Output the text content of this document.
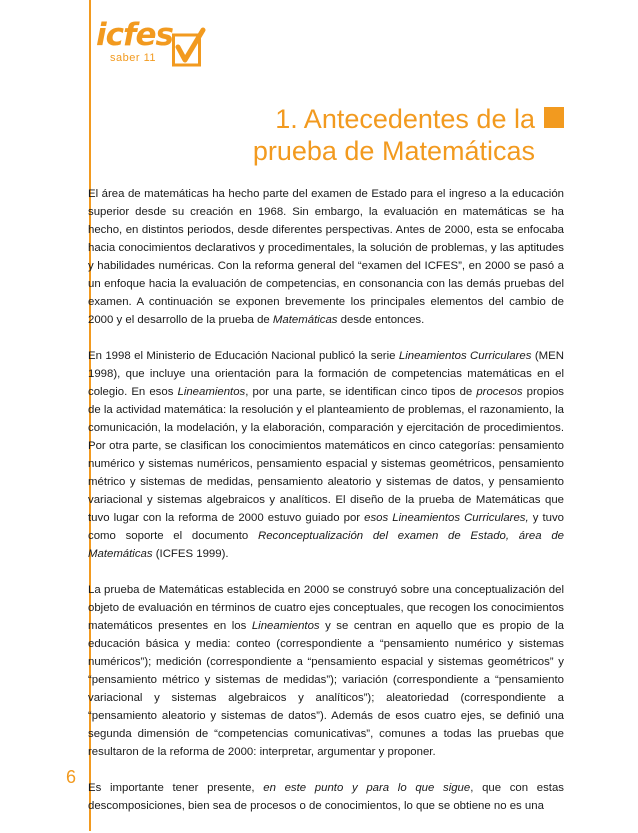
icfes
saber 11
1. Antecedentes de la
prueba de Matemáticas

El área de matemáticas ha hecho parte del examen de Estado para el ingreso a la educación superior desde su creación en 1968. Sin embargo, la evaluación en matemáticas se ha hecho, en distintos periodos, desde diferentes perspectivas. Antes de 2000, esta se enfocaba hacia conocimientos declarativos y procedimentales, la solución de problemas, y las aptitudes y habilidades numéricas. Con la reforma general del “examen del ICFES”, en 2000 se pasó a un enfoque hacia la evaluación de competencias, en consonancia con las demás pruebas del examen. A continuación se exponen brevemente los principales elementos del cambio de 2000 y el desarrollo de la prueba de Matemáticas desde entonces.

En 1998 el Ministerio de Educación Nacional publicó la serie Lineamientos Curriculares (MEN 1998), que incluye una orientación para la formación de competencias matemáticas en el colegio. En esos Lineamientos, por una parte, se identifican cinco tipos de procesos propios de la actividad matemática: la resolución y el planteamiento de problemas, el razonamiento, la comunicación, la modelación, y la elaboración, comparación y ejercitación de procedimientos. Por otra parte, se clasifican los conocimientos matemáticos en cinco categorías: pensamiento numérico y sistemas numéricos, pensamiento espacial y sistemas geométricos, pensamiento métrico y sistemas de medidas, pensamiento aleatorio y sistemas de datos, y pensamiento variacional y sistemas algebraicos y analíticos. El diseño de la prueba de Matemáticas que tuvo lugar con la reforma de 2000 estuvo guiado por esos Lineamientos Curriculares, y tuvo como soporte el documento Reconceptualización del examen de Estado, área de Matemáticas (ICFES 1999).

La prueba de Matemáticas establecida en 2000 se construyó sobre una conceptualización del objeto de evaluación en términos de cuatro ejes conceptuales, que recogen los conocimientos matemáticos presentes en los Lineamientos y se centran en aquello que es propio de la educación básica y media: conteo (correspondiente a “pensamiento numérico y sistemas numéricos”); medición (correspondiente a “pensamiento espacial y sistemas geométricos” y “pensamiento métrico y sistemas de medidas”); variación (correspondiente a “pensamiento variacional y sistemas algebraicos y analíticos”); aleatoriedad (correspondiente a “pensamiento aleatorio y sistemas de datos”). Además de esos cuatro ejes, se definió una segunda dimensión de “competencias comunicativas”, comunes a todas las pruebas que resultaron de la reforma de 2000: interpretar, argumentar y proponer.

Es importante tener presente, en este punto y para lo que sigue, que con estas descomposiciones, bien sea de procesos o de conocimientos, lo que se obtiene no es una

6
